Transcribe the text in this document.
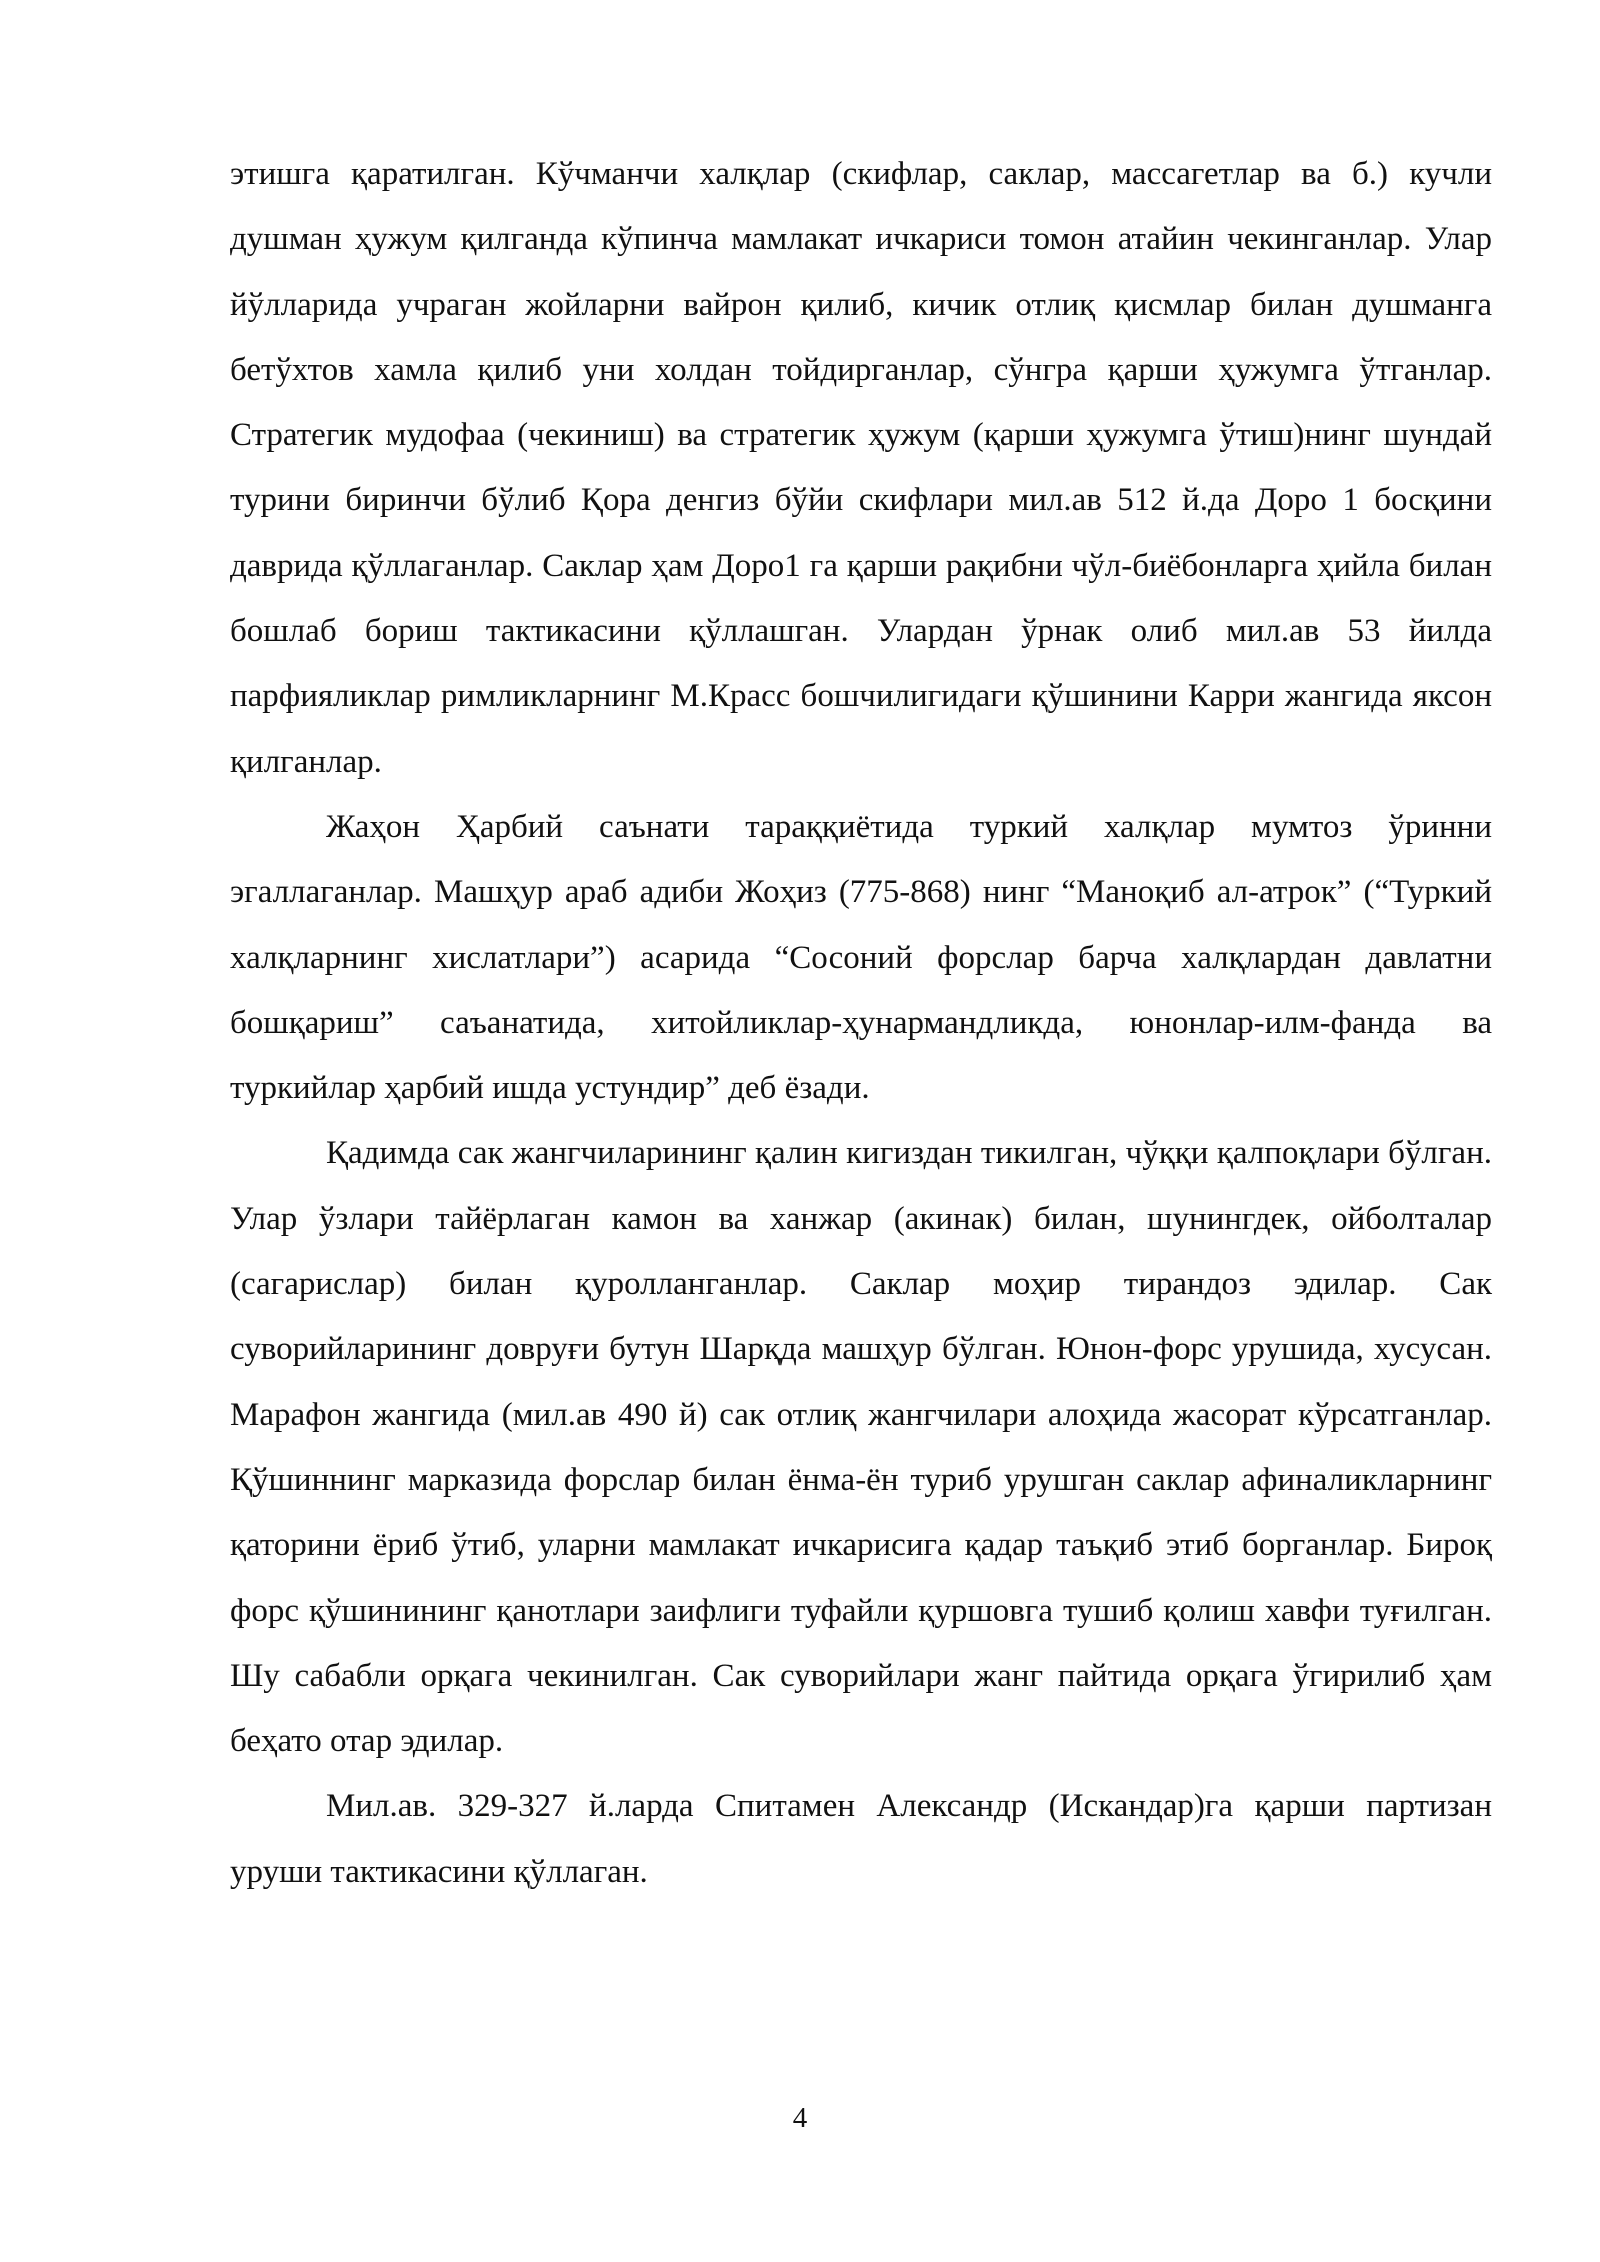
этишга қаратилган. Кўчманчи халқлар (скифлар, саклар, массагетлар ва б.) кучли душман ҳужум қилганда кўпинча мамлакат ичкариси томон атайин чекинганлар. Улар йўлларида учраган жойларни вайрон қилиб, кичик отлиқ қисмлар билан душманга бетўхтов хамла қилиб уни холдан тойдирганлар, сўнгра қарши ҳужумга ўтганлар. Стратегик мудофаа (чекиниш) ва стратегик ҳужум (қарши ҳужумга ўтиш)нинг шундай турини биринчи бўлиб Қора денгиз бўйи скифлари мил.ав 512 й.да Доро 1 босқини даврида қўллаганлар. Саклар ҳам Доро1 га қарши рақибни чўл-биёбонларга ҳийла билан бошлаб бориш тактикасини қўллашган. Улардан ўрнак олиб мил.ав 53 йилда парфияликлар римликларнинг М.Красс бошчилигидаги қўшинини Карри жангида яксон қилганлар.

Жаҳон Ҳарбий саънати тараққиётида туркий халқлар мумтоз ўринни эгаллаганлар. Машҳур араб адиби Жоҳиз (775-868) нинг “Маноқиб ал-атрок” (“Туркий халқларнинг хислатлари”) асарида “Сосоний форслар барча халқлардан давлатни бошқариш” саъанатида, хитойликлар-ҳунармандликда, юнонлар-илм-фанда ва туркийлар ҳарбий ишда устундир” деб ёзади.

Қадимда сак жангчиларининг қалин кигиздан тикилган, чўққи қалпоқлари бўлган. Улар ўзлари тайёрлаган камон ва ханжар (акинак) билан, шунингдек, ойболталар (сагарислар) билан қуролланганлар. Саклар моҳир тирандоз эдилар. Сак суворийларининг довруғи бутун Шарқда машҳур бўлган. Юнон-форс урушида, хусусан. Марафон жангида (мил.ав 490 й) сак отлиқ жангчилари алоҳида жасорат кўрсатганлар. Қўшиннинг марказида форслар билан ёнма-ён туриб урушган саклар афиналикларнинг қаторини ёриб ўтиб, уларни мамлакат ичкарисига қадар таъқиб этиб борганлар. Бироқ форс қўшинининг қанотлари заифлиги туфайли қуршовга тушиб қолиш хавфи туғилган. Шу сабабли орқага чекинилган. Сак суворийлари жанг пайтида орқага ўгирилиб ҳам беҳато отар эдилар.

Мил.ав. 329-327 й.ларда Спитамен Александр (Искандар)га қарши партизан уруши тактикасини қўллаган.

4
